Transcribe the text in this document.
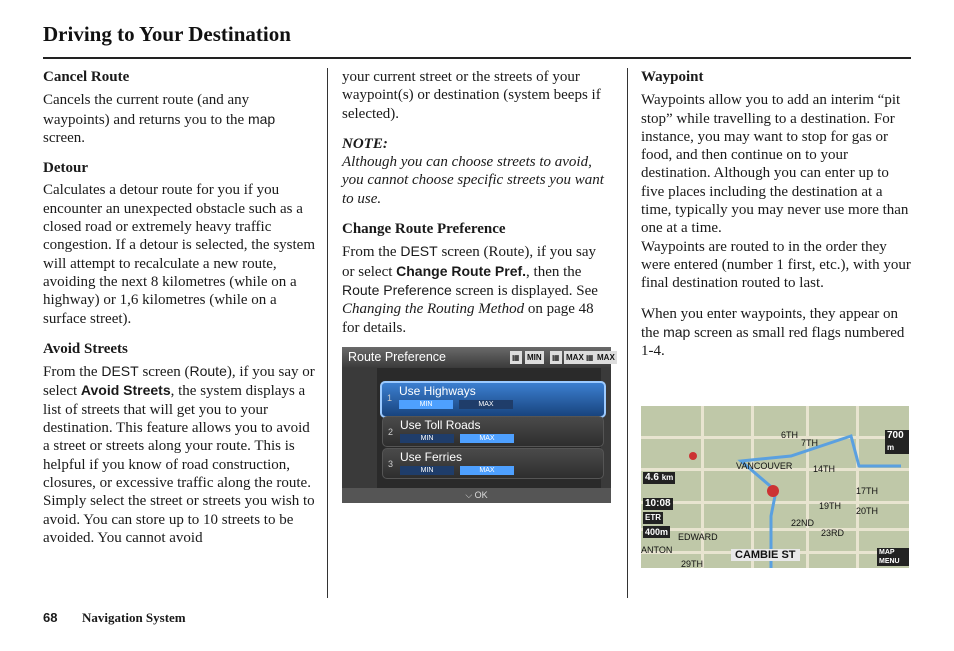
Driving to Your Destination

Cancel Route

Cancels the current route (and any waypoints) and returns you to the map screen.

Detour

Calculates a detour route for you if you encounter an unexpected obstacle such as a closed road or extremely heavy traffic congestion. If a detour is selected, the system will attempt to recalculate a new route, avoiding the next 8 kilometres (while on a highway) or 1,6 kilometres (while on a surface street).

Avoid Streets

From the DEST screen (Route), if you say or select Avoid Streets, the system displays a list of streets that will get you to your destination. This feature allows you to avoid a street or streets along your route. This is helpful if you know of road construction, closures, or excessive traffic along the route. Simply select the street or streets you wish to avoid. You can store up to 10 streets to be avoided. You cannot avoid

your current street or the streets of your waypoint(s) or destination (system beeps if selected).

NOTE:

Although you can choose streets to avoid, you cannot choose specific streets you want to use.

Change Route Preference

From the DEST screen (Route), if you say or select Change Route Pref., then the Route Preference screen is displayed. See Changing the Routing Method on page 48 for details.

Route Preference	▦ MIN ▦ MAX ▦ MAX
1 Use Highways
MIN	MAX
2 Use Toll Roads
MIN	MAX
3 Use Ferries
MIN	MAX
⌵ OK

Waypoint

Waypoints allow you to add an interim “pit stop” while travelling to a destination. For instance, you may want to stop for gas or food, and then continue on to your destination. Although you can enter up to five places including the destination at a time, typically you may never use more than one at a time.

Waypoints are routed to in the order they were entered (number 1 first, etc.), with your final destination routed to last.

When you enter waypoints, they appear on the map screen as small red flags numbered 1-4.

6TH
7TH
VANCOUVER 14TH
17TH
19TH 20TH
22ND
23RD
EDWARD
ANTON
29TH
700 m
4.6 km
10:08
ETR
400m
CAMBIE ST	MAP MENU
68 Navigation System
